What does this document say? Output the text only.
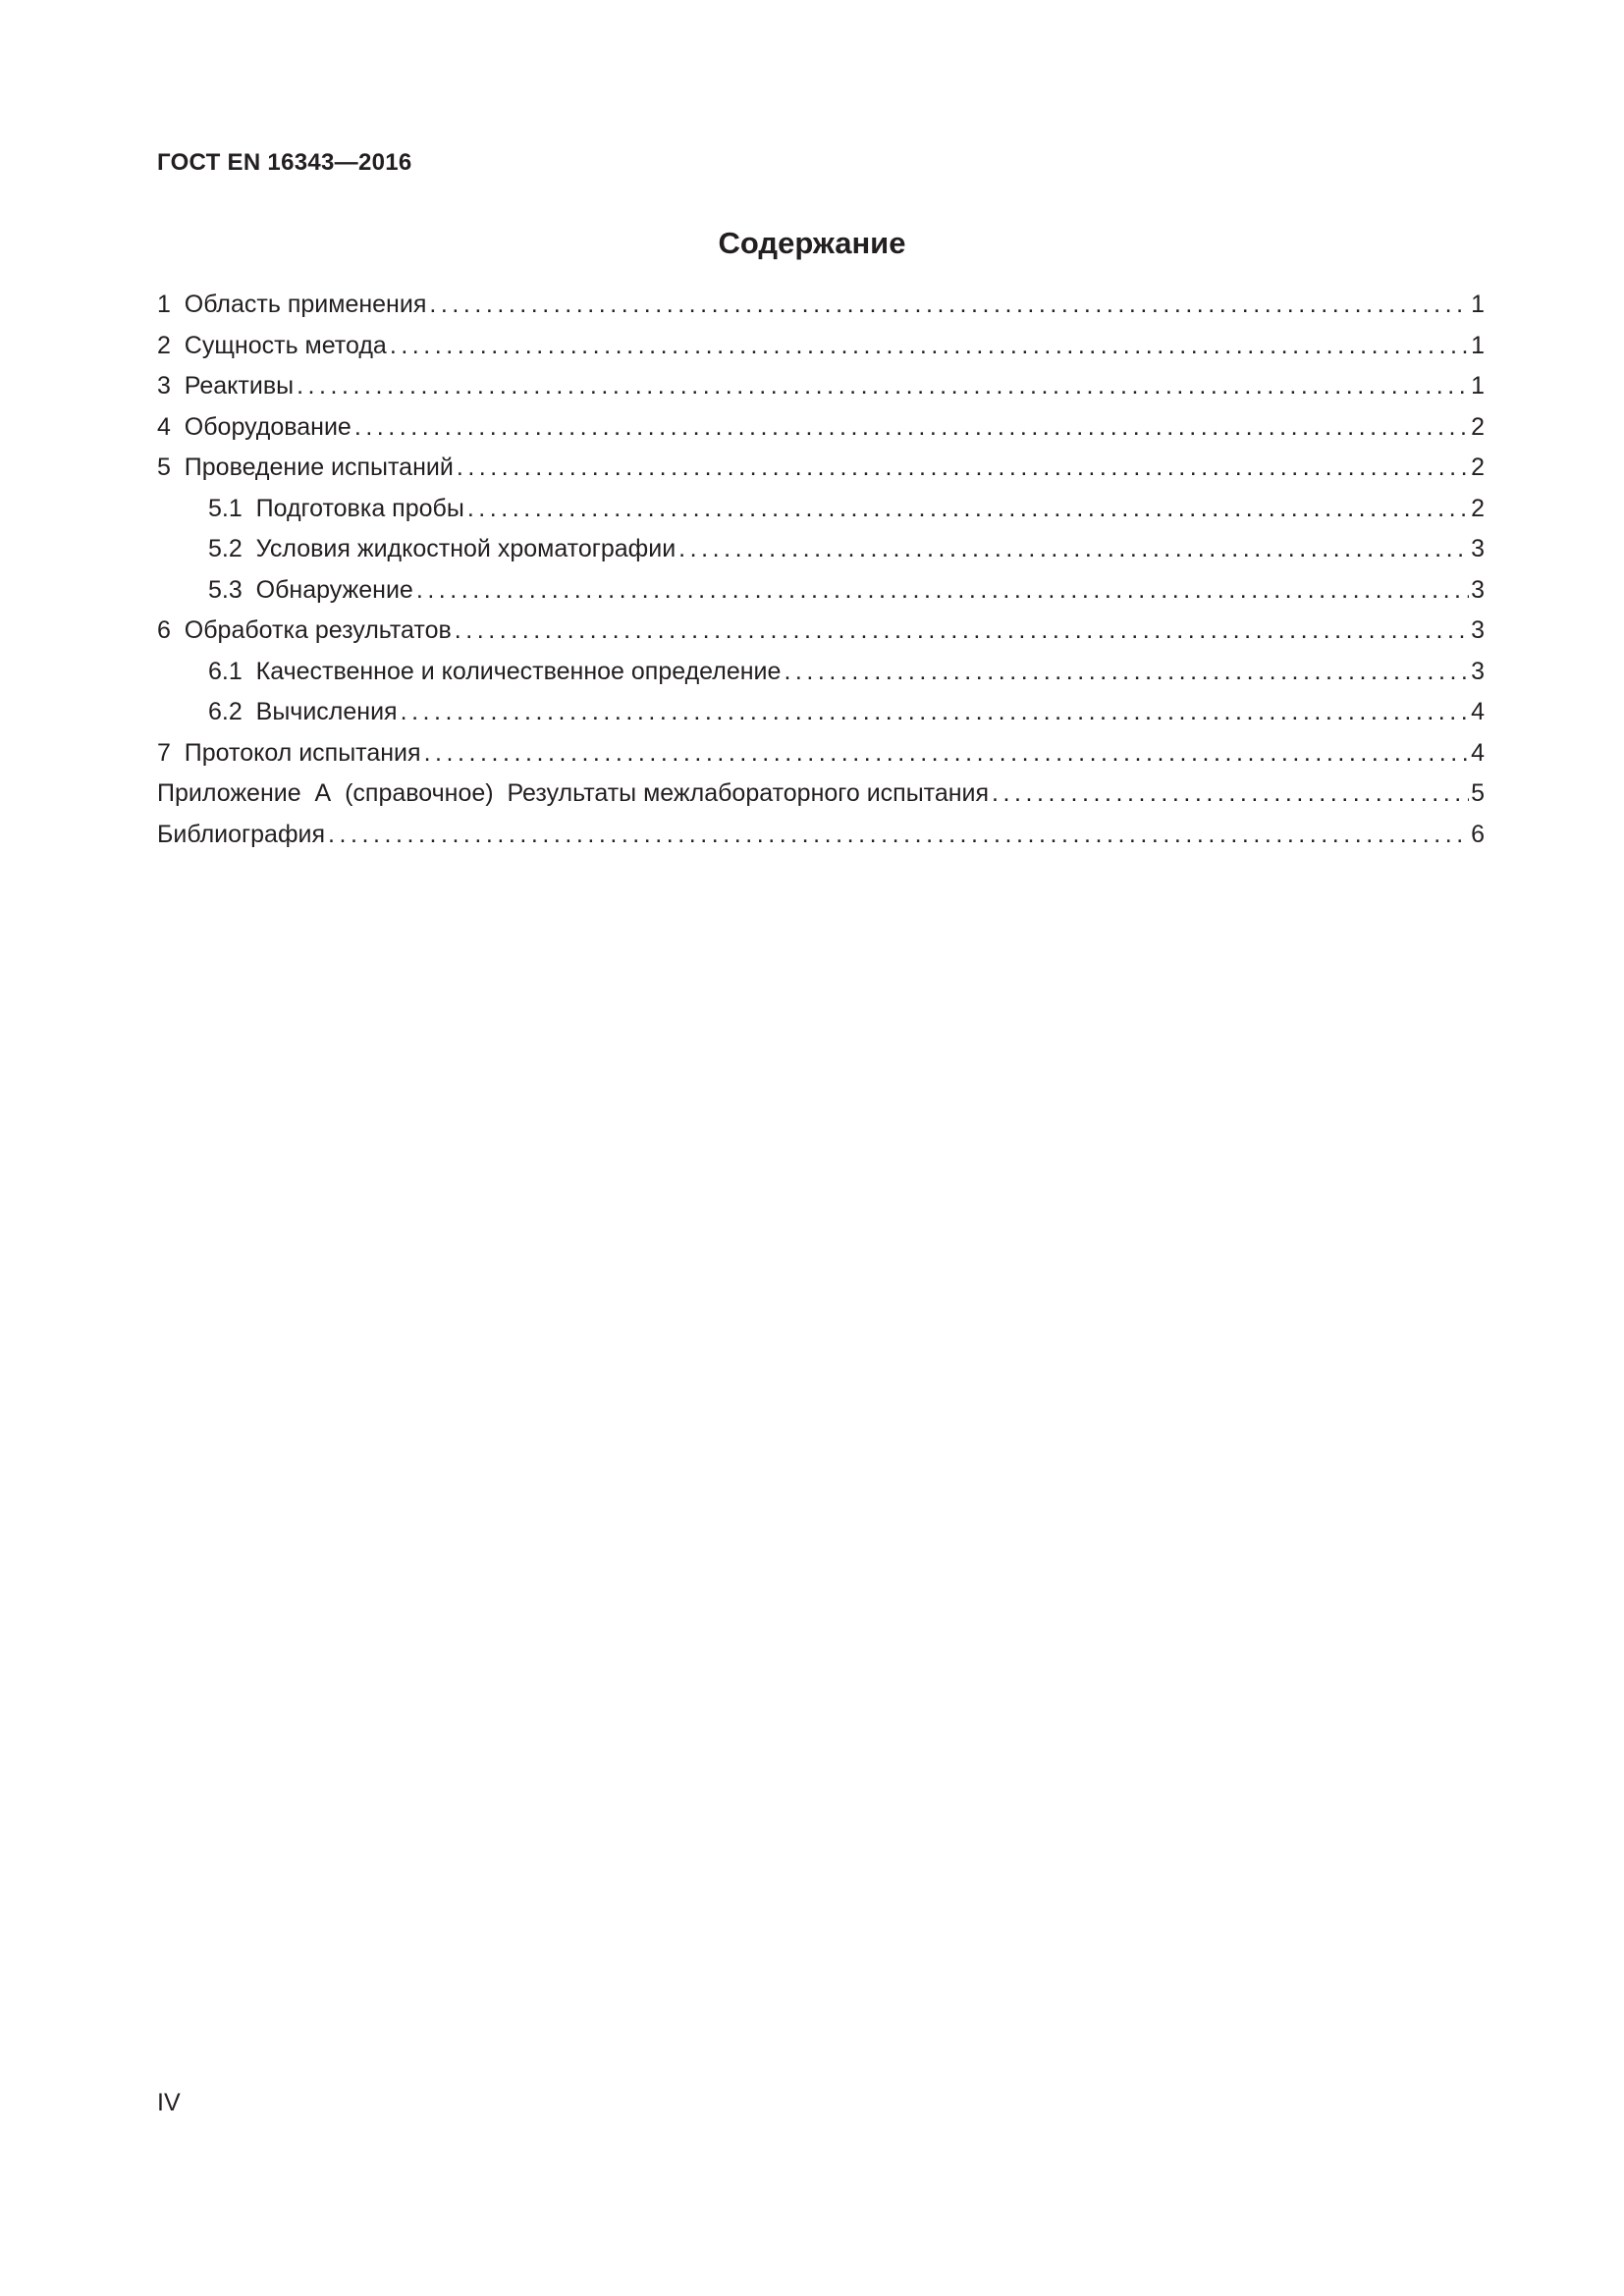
ГОСТ EN 16343—2016
Содержание
1  Область применения . . .	1
2  Сущность метода . . .	1
3  Реактивы . . .	1
4  Оборудование . . .	2
5  Проведение испытаний . . .	2
5.1  Подготовка пробы . . .	2
5.2  Условия жидкостной хроматографии . . .	3
5.3  Обнаружение . . .	3
6  Обработка результатов . . .	3
6.1  Качественное и количественное определение . . .	3
6.2  Вычисления . . .	4
7  Протокол испытания . . .	4
Приложение  А  (справочное)  Результаты межлабораторного испытания . . .	5
Библиография . . .	6
IV
